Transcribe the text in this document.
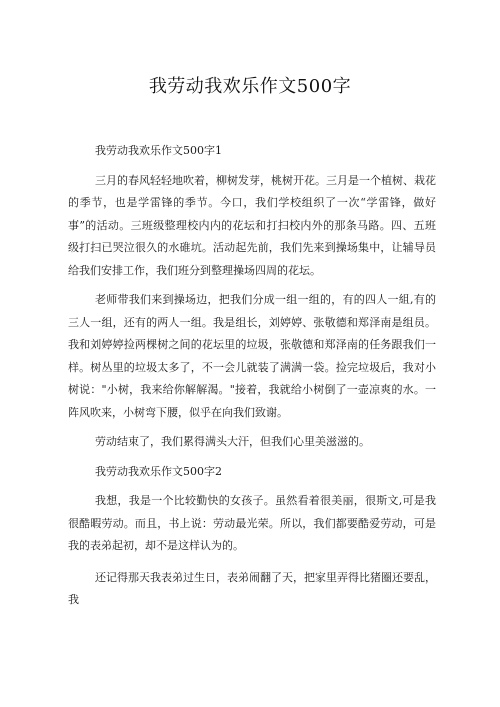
我劳动我欢乐作文500字

我劳动我欢乐作文500字1

三月的春风轻轻地吹着，柳树发芽，桃树开花。三月是一个植树、栽花的季节，也是学雷锋的季节。今口，我们学校组织了一次“学雷锋，做好事”的活动。三班级整理校内内的花坛和打扫校内外的那条马路。四、五班级打扫已哭泣很久的水碓坑。活动起先前，我们先来到操场集中，让辅导员给我们安排工作，我们班分到整理操场四周的花坛。

老师带我们来到操场边，把我们分成一组一组的，有的四人一組,有的三人一组，还有的两人一组。我是组长，刘婷婷、张敬德和郑泽南是组员。我和刘婷婷捡两棵树之间的花坛里的垃圾，张敬德和郑泽南的任务跟我们一样。树丛里的垃圾太多了，不一会儿就装了满满一袋。捡完垃圾后，我对小树说："小树，我来给你解解渴。"接着，我就给小树倒了一壶凉爽的水。一阵风吹来，小树弯下腰，似乎在向我们致谢。

劳动结束了，我们累得满头大汗，但我们心里美滋滋的。

我劳动我欢乐作文500字2

我想，我是一个比较勤快的女孩子。虽然看着很美丽，很斯文,可是我很酷暇劳动。而且，书上说：劳动最光荣。所以，我们都要酷爱劳动，可是我的表弟起初，却不是这样认为的。

还记得那天我表弟过生日，表弟闹翻了天，把家里弄得比猪圈还要乱，我
